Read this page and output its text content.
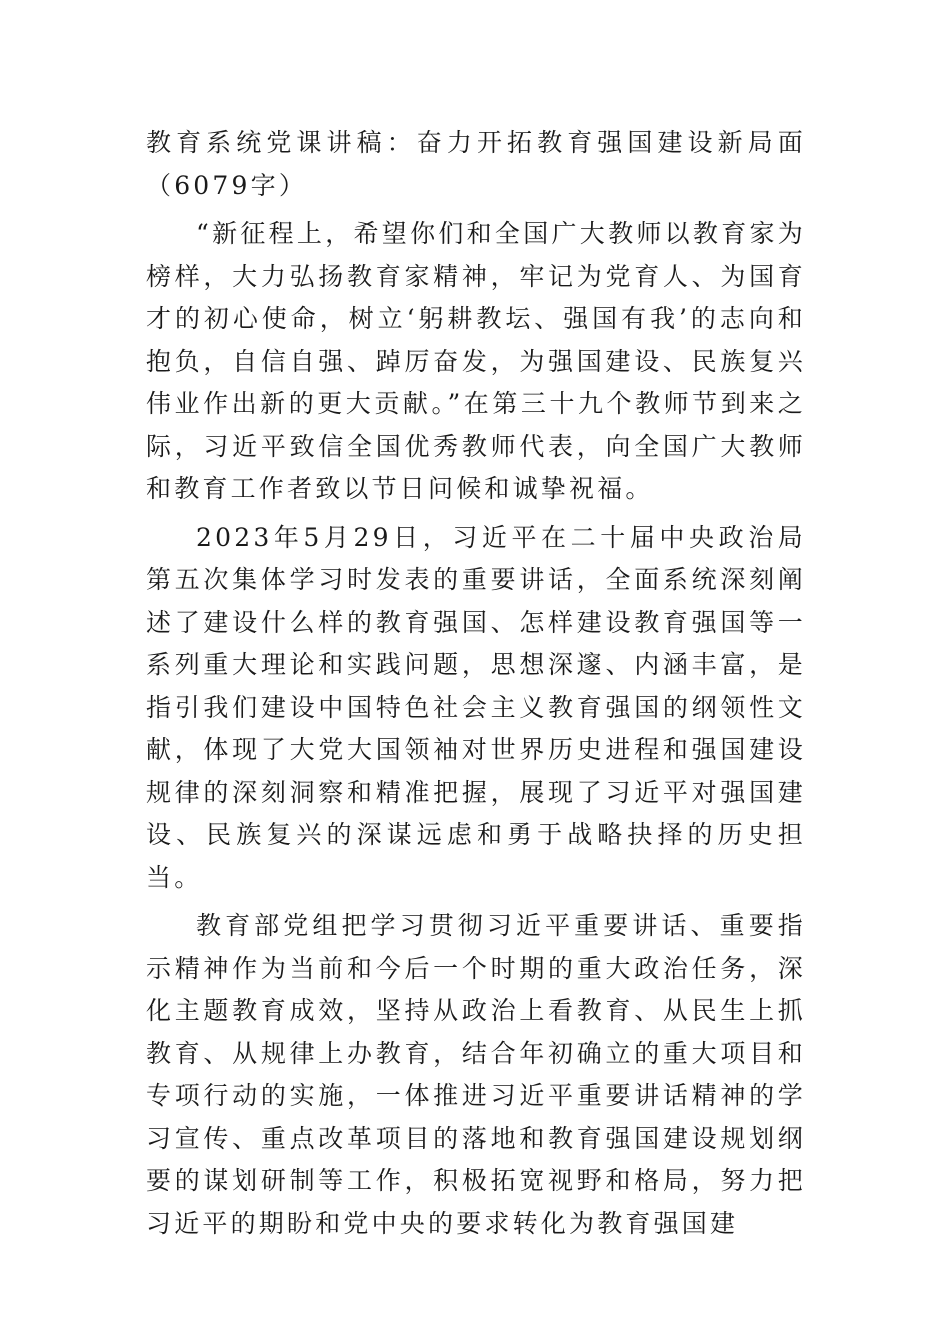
教育系统党课讲稿：奋力开拓教育强国建设新局面（6079字）

“新征程上，希望你们和全国广大教师以教育家为榜样，大力弘扬教育家精神，牢记为党育人、为国育才的初心使命，树立‘躬耕教坛、强国有我’的志向和抱负，自信自强、踔厉奋发，为强国建设、民族复兴伟业作出新的更大贡献。”在第三十九个教师节到来之际，习近平致信全国优秀教师代表，向全国广大教师和教育工作者致以节日问候和诚挚祝福。

2023年5月29日，习近平在二十届中央政治局第五次集体学习时发表的重要讲话，全面系统深刻阐述了建设什么样的教育强国、怎样建设教育强国等一系列重大理论和实践问题，思想深邃、内涵丰富，是指引我们建设中国特色社会主义教育强国的纲领性文献，体现了大党大国领袖对世界历史进程和强国建设规律的深刻洞察和精准把握，展现了习近平对强国建设、民族复兴的深谋远虑和勇于战略抉择的历史担当。

教育部党组把学习贯彻习近平重要讲话、重要指示精神作为当前和今后一个时期的重大政治任务，深化主题教育成效，坚持从政治上看教育、从民生上抓教育、从规律上办教育，结合年初确立的重大项目和专项行动的实施，一体推进习近平重要讲话精神的学习宣传、重点改革项目的落地和教育强国建设规划纲要的谋划研制等工作，积极拓宽视野和格局，努力把习近平的期盼和党中央的要求转化为教育强国建
